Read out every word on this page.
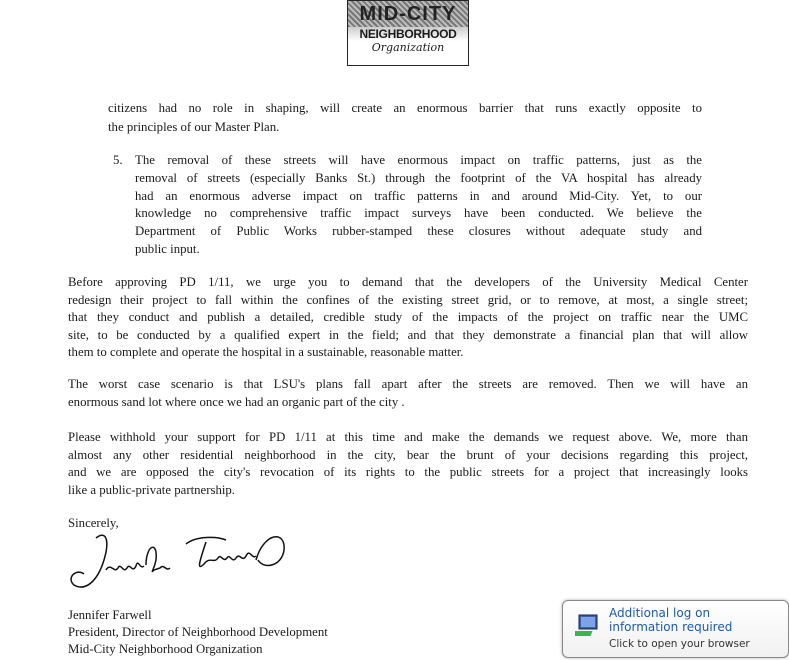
MID-CITY
NEIGHBORHOOD
Organization
citizens had no role in shaping, will create an enormous barrier that runs exactly opposite to
the principles of our Master Plan.
5. The removal of these streets will have enormous impact on traffic patterns, just as the
removal of streets (especially Banks St.) through the footprint of the VA hospital has already
had an enormous adverse impact on traffic patterns in and around Mid-City. Yet, to our
knowledge no comprehensive traffic impact surveys have been conducted. We believe the
Department of Public Works rubber-stamped these closures without adequate study and
public input.
Before approving PD 1/11, we urge you to demand that the developers of the University Medical Center
redesign their project to fall within the confines of the existing street grid, or to remove, at most, a single street;
that they conduct and publish a detailed, credible study of the impacts of the project on traffic near the UMC
site, to be conducted by a qualified expert in the field; and that they demonstrate a financial plan that will allow
them to complete and operate the hospital in a sustainable, reasonable matter.
The worst case scenario is that LSU's plans fall apart after the streets are removed. Then we will have an
enormous sand lot where once we had an organic part of the city .
Please withhold your support for PD 1/11 at this time and make the demands we request above. We, more than
almost any other residential neighborhood in the city, bear the brunt of your decisions regarding this project,
and we are opposed the city's revocation of its rights to the public streets for a project that increasingly looks
like a public-private partnership.
Sincerely,
Jennifer Farwell
President, Director of Neighborhood Development
Mid-City Neighborhood Organization
Additional log on information required
Click to open your browser
